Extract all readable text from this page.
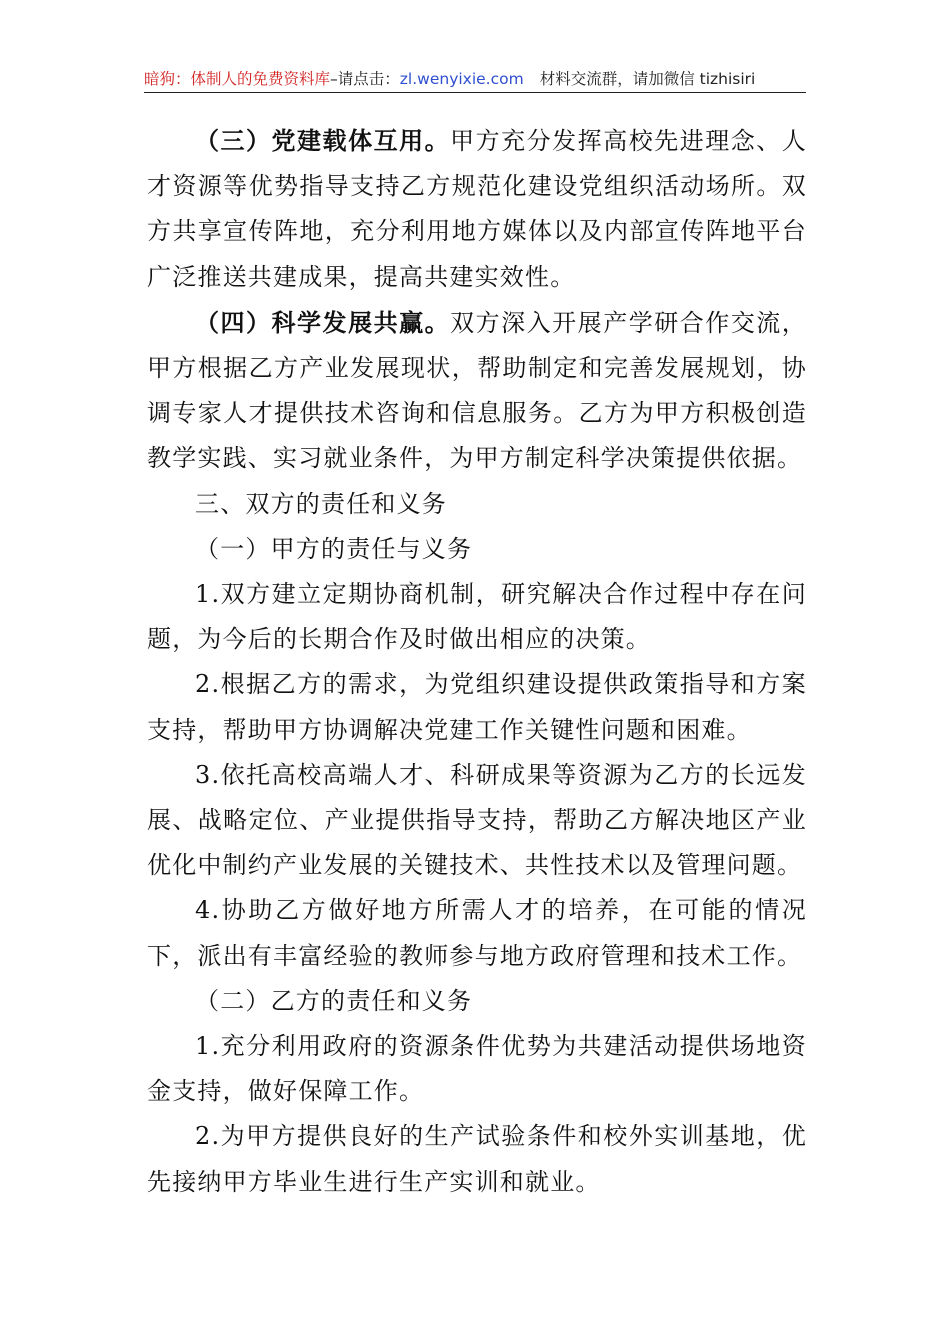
暗狗：体制人的免费资料库–请点击：zl.wenyixie.com 材料交流群，请加微信 tizhisiri

（三）党建载体互用。甲方充分发挥高校先进理念、人才资源等优势指导支持乙方规范化建设党组织活动场所。双方共享宣传阵地，充分利用地方媒体以及内部宣传阵地平台广泛推送共建成果，提高共建实效性。

（四）科学发展共赢。双方深入开展产学研合作交流，甲方根据乙方产业发展现状，帮助制定和完善发展规划，协调专家人才提供技术咨询和信息服务。乙方为甲方积极创造教学实践、实习就业条件，为甲方制定科学决策提供依据。

三、双方的责任和义务

（一）甲方的责任与义务

1.双方建立定期协商机制，研究解决合作过程中存在问题，为今后的长期合作及时做出相应的决策。

2.根据乙方的需求，为党组织建设提供政策指导和方案支持，帮助甲方协调解决党建工作关键性问题和困难。

3.依托高校高端人才、科研成果等资源为乙方的长远发展、战略定位、产业提供指导支持，帮助乙方解决地区产业优化中制约产业发展的关键技术、共性技术以及管理问题。

4.协助乙方做好地方所需人才的培养，在可能的情况下，派出有丰富经验的教师参与地方政府管理和技术工作。

（二）乙方的责任和义务

1.充分利用政府的资源条件优势为共建活动提供场地资金支持，做好保障工作。

2.为甲方提供良好的生产试验条件和校外实训基地，优先接纳甲方毕业生进行生产实训和就业。
